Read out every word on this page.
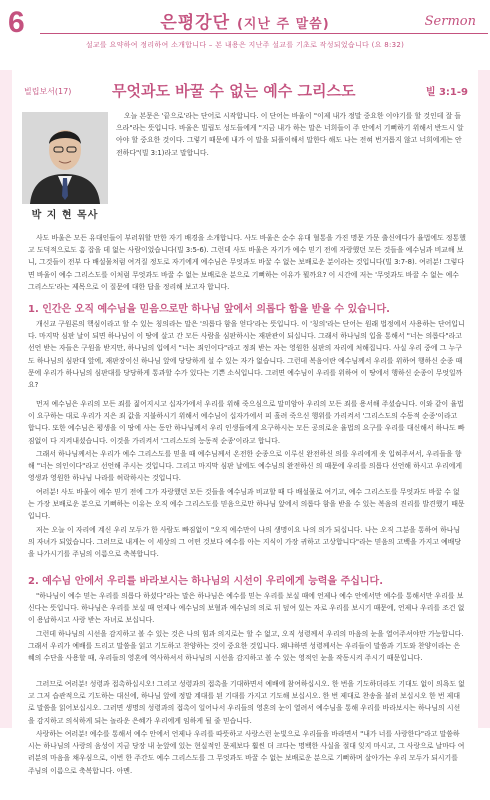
6	은평강단 (지난 주 말씀)	Sermon
설교를 요약하여 정리하여 소개합니다 – 본 내용은 지난주 설교를 기초로 작성되었습니다 (요 8:32)
빌립보서(17)	무엇과도 바꿀 수 없는 예수 그리스도	빌 3:1-9
박 지 현 목사
오늘 본문은 '끝으로'라는 단어로 시작합니다. 이 단어는 바울이 "이제 내가 정말 중요한 이야기를 할 것인데 잘 들으라"라는 뜻입니다. 바울은 빌립도 성도들에게 "지금 내가 하는 말은 너희들이 주 안에서 기뻐하기 위해서 반드시 알아야 할 중요한 것이다. 그렇기 때문에 내가 이 말을 되풀이해서 말한다 해도 나는 전혀 번거롭지 않고 너희에게는 안전하다"(빌 3:1)라고 말합니다.
사도 바울은 모든 유대인들이 부러워할 만한 자기 배경을 소개합니다. 사도 바울은 순수 유대 혈통을 가진 명문 가문 출신에다가 율법에도 정통했고 도덕적으로도 흠 잡을 데 없는 사람이었습니다(빌 3:5-6). 그런데 사도 바울은 자기가 예수 믿기 전에 자랑했던 모든 것들을 예수님과 비교해 보니, 그것들이 전부 다 배설물처럼 여겨질 정도로 자기에게 예수님은 무엇과도 바꿀 수 없는 보배로운 분이라는 것입니다(빌 3:7-8). 여러분! 그렇다면 바울이 예수 그리스도를 이처럼 무엇과도 바꿀 수 없는 보배로운 분으로 기뻐하는 이유가 뭘까요? 이 시간에 저는 '무엇과도 바꿀 수 없는 예수 그리스도'라는 제목으로 이 질문에 대한 답을 정리해 보고자 합니다.
1. 인간은 오직 예수님을 믿음으로만 하나님 앞에서 의롭다 함을 받을 수 있습니다.
개신교 구원론의 핵심이라고 할 수 있는 칭의라는 말은 '의롭다 함을 얻다'라는 뜻입니다. 이 '칭의'라는 단어는 원래 법정에서 사용하는 단어입니다. 마지막 심판 날이 되면 하나님이 이 땅에 살고 간 모든 사람을 심판하시는 재판관이 되십니다. 그래서 하나님의 입을 통해서 "너는 의롭다"라고 선언 받는 자들은 구원을 받지만, 하나님의 입에서 "너는 죄인이다"라고 정죄 받는 자는 영원한 심판의 자리에 처해집니다. 사실 우리 중에 그 누구도 하나님의 심판대 앞에, 재판장이신 하나님 앞에 당당하게 설 수 있는 자가 없습니다. 그런데 복음이란 예수님께서 우리를 위하여 행하신 순종 때문에 우리가 하나님의 심판대를 당당하게 통과할 수가 있다는 기쁜 소식입니다. 그러면 예수님이 우리를 위하여 이 땅에서 행하신 순종이 무엇일까요?
먼저 예수님은 우리의 모든 죄를 짊어지시고 십자가에서 우리를 위해 죽으심으로 말미암아 우리의 모든 죄를 용서해 주셨습니다. 이와 같이 율법이 요구하는 대로 우리가 지은 죄 값을 지불하시기 위해서 예수님이 십자가에서 피 흘려 죽으신 행위를 가리켜서 '그리스도의 수동적 순종'이라고 합니다. 또한 예수님은 평생을 이 땅에 사는 동안 하나님께서 우리 인생들에게 요구하시는 모든 공의로운 율법의 요구를 우리를 대신해서 하나도 빠짐없이 다 지켜내셨습니다. 이것을 가리켜서 '그리스도의 능동적 순종'이라고 합니다.
그래서 하나님께서는 우리가 예수 그리스도를 믿을 때 예수님께서 온전한 순종으로 이루신 완전하신 의를 우리에게 옷 입혀주셔서, 우리들을 향해 "너는 의인이다"라고 선언해 주시는 것입니다. 그리고 마지막 심판 날에도 예수님의 완전하신 의 때문에 우리를 의롭다 선언해 하시고 우리에게 영생과 영원한 하나님 나라를 허락하시는 것입니다.
여러분! 사도 바울이 예수 믿기 전에 그가 자랑했던 모든 것들을 예수님과 비교할 때 다 배설물로 여기고, 예수 그리스도를 무엇과도 바꿀 수 없는 가장 보배로운 분으로 기뻐하는 이유는 오직 예수 그리스도를 믿음으로만 하나님 앞에서 의롭다 함을 받을 수 있는 복음의 진리를 발견했기 때문입니다.
저는 오늘 이 자리에 계신 우리 모두가 한 사람도 빠짐없이 "오직 예수만이 나의 생명이요 나의 의가 되십니다. 나는 오직 그분을 통하여 하나님의 자녀가 되었습니다. 그러므로 내게는 이 세상의 그 어떤 것보다 예수를 아는 지식이 가장 귀하고 고상합니다"라는 믿음의 고백을 가지고 예배당을 나가시기를 주님의 이름으로 축복합니다.
2. 예수님 안에서 우리를 바라보시는 하나님의 시선이 우리에게 능력을 주십니다.
"하나님이 예수 믿는 우리를 의롭다 하셨다"라는 말은 하나님은 예수를 믿는 우리를 보실 때에 언제나 예수 안에서만 예수를 통해서만 우리를 보신다는 뜻입니다. 하나님은 우리를 보실 때 언제나 예수님의 보혈과 예수님의 의로 뒤 덮여 있는 자로 우리를 보시기 때문에, 언제나 우리를 조건 없이 용납하시고 사랑 받는 자녀로 보십니다.
그런데 하나님의 시선을 감지하고 볼 수 있는 것은 나의 힘과 의지로는 할 수 없고, 오직 성령께서 우리의 마음의 눈을 열어주셔야만 가능합니다. 그래서 우리가 예배를 드리고 말씀을 읽고 기도하고 찬양하는 것이 중요한 것입니다. 왜냐하면 성령께서는 우리들이 말씀과 기도와 찬양이라는 은혜의 수단을 사용할 때, 우리들의 영혼에 역사하셔서 하나님의 시선을 감지하고 볼 수 있는 영적인 눈을 작동시켜 주시기 때문입니다.
그러므로 여러분! 성령과 접촉하십시오! 그리고 성령과의 접촉을 기대하면서 예배에 참여하십시오. 한 번을 기도하더라도 기대도 없이 의욕도 없고 그저 습관적으로 기도하는 대신에, 하나님 앞에 정말 계대를 된 기대를 가지고 기도해 보십시오. 한 번 제대로 찬송을 불러 보십시오 한 번 제대로 말씀을 읽어보십시오. 그러면 생명의 성령과의 접촉이 일어나서 우리들의 영혼의 눈이 열려서 예수님을 통해 우리를 바라보시는 하나님의 시선을 감지하고 의식하게 되는 놀라운 은혜가 우리에게 임하게 될 줄 믿습니다.
사랑하는 여러분! 예수를 통해서 예수 안에서 언제나 우리를 따뜻하고 사랑스런 눈빛으로 우리들을 바라면서 "내가 너를 사랑한다"라고 말씀하시는 하나님의 사랑의 음성이 지금 당장 내 눈앞에 있는 현실적인 문제보다 훨씬 더 크다는 명백한 사실을 절대 잊지 마시고, 그 사랑으로 날마다 여러분의 마음을 채우심으로, 이번 한 주간도 예수 그리스도를 그 무엇과도 바꿀 수 없는 보배로운 분으로 기뻐하며 살아가는 우리 모두가 되시기를 주님의 이름으로 축복합니다. 아멘.
